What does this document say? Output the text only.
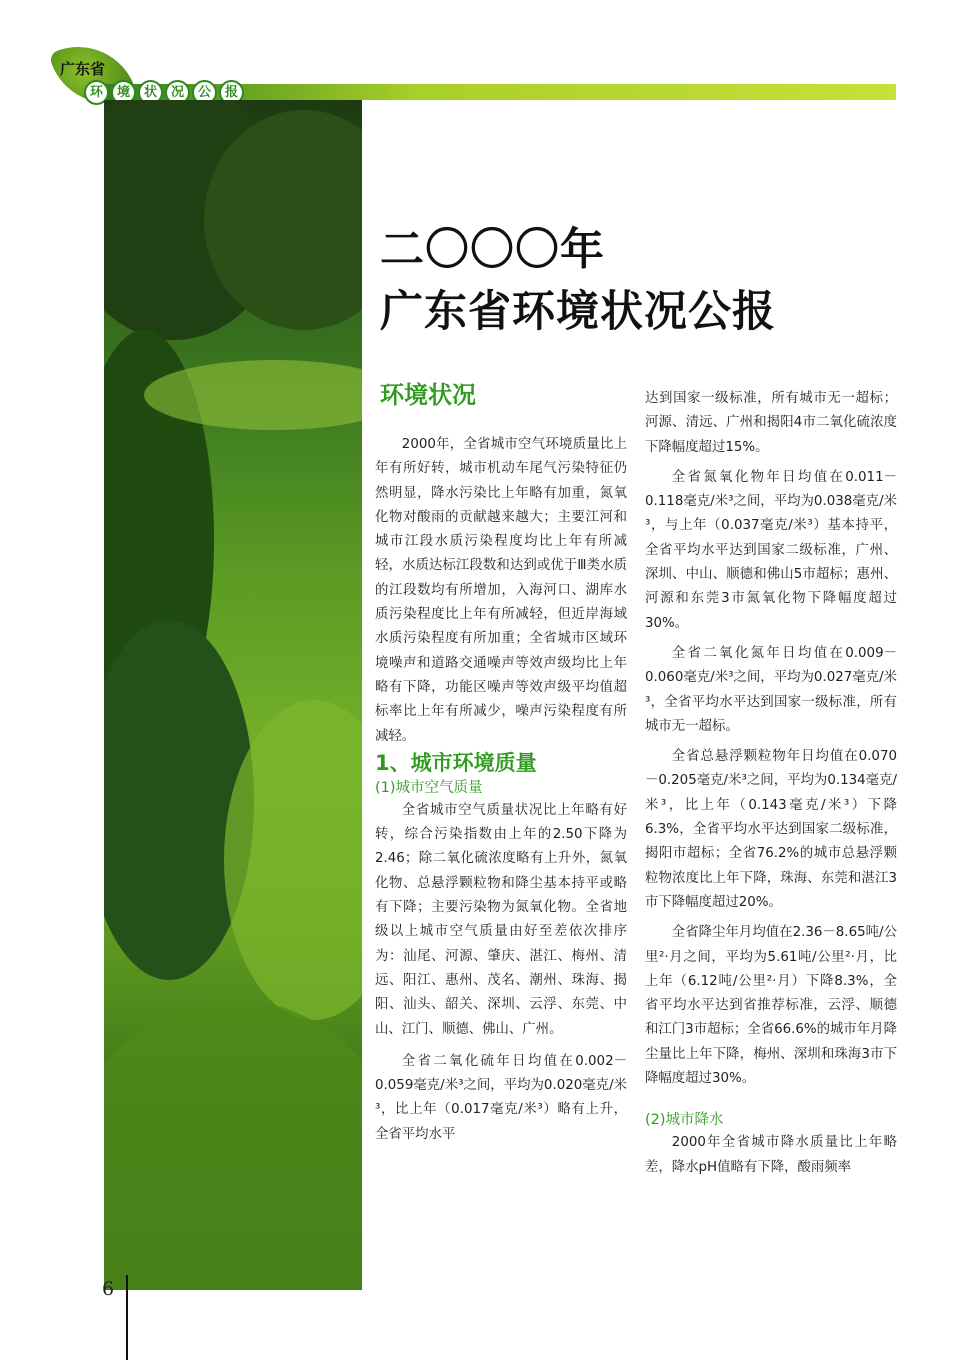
广东省
环	境	状	况	公	报
二〇〇〇年
广东省环境状况公报
环境状况

2000年，全省城市空气环境质量比上年有所好转，城市机动车尾气污染特征仍然明显，降水污染比上年略有加重，氮氧化物对酸雨的贡献越来越大；主要江河和城市江段水质污染程度均比上年有所减轻，水质达标江段数和达到或优于Ⅲ类水质的江段数均有所增加，入海河口、湖库水质污染程度比上年有所减轻，但近岸海域水质污染程度有所加重；全省城市区域环境噪声和道路交通噪声等效声级均比上年略有下降，功能区噪声等效声级平均值超标率比上年有所减少，噪声污染程度有所减轻。

1、城市环境质量

(1)城市空气质量

全省城市空气质量状况比上年略有好转，综合污染指数由上年的2.50下降为2.46；除二氧化硫浓度略有上升外，氮氧化物、总悬浮颗粒物和降尘基本持平或略有下降；主要污染物为氮氧化物。全省地级以上城市空气质量由好至差依次排序为：汕尾、河源、肇庆、湛江、梅州、清远、阳江、惠州、茂名、潮州、珠海、揭阳、汕头、韶关、深圳、云浮、东莞、中山、江门、顺德、佛山、广州。

全省二氧化硫年日均值在0.002－0.059毫克/米³之间，平均为0.020毫克/米³，比上年（0.017毫克/米³）略有上升，全省平均水平

达到国家一级标准，所有城市无一超标；河源、清远、广州和揭阳4市二氧化硫浓度下降幅度超过15%。

全省氮氧化物年日均值在0.011－0.118毫克/米³之间，平均为0.038毫克/米³，与上年（0.037毫克/米³）基本持平，全省平均水平达到国家二级标准，广州、深圳、中山、顺德和佛山5市超标；惠州、河源和东莞3市氮氧化物下降幅度超过30%。

全省二氧化氮年日均值在0.009－0.060毫克/米³之间，平均为0.027毫克/米³，全省平均水平达到国家一级标准，所有城市无一超标。

全省总悬浮颗粒物年日均值在0.070－0.205毫克/米³之间，平均为0.134毫克/米³，比上年（0.143毫克/米³）下降6.3%，全省平均水平达到国家二级标准，揭阳市超标；全省76.2%的城市总悬浮颗粒物浓度比上年下降，珠海、东莞和湛江3市下降幅度超过20%。

全省降尘年月均值在2.36－8.65吨/公里²·月之间，平均为5.61吨/公里²·月，比上年（6.12吨/公里²·月）下降8.3%，全省平均水平达到省推荐标准，云浮、顺德和江门3市超标；全省66.6%的城市年月降尘量比上年下降，梅州、深圳和珠海3市下降幅度超过30%。

(2)城市降水

2000年全省城市降水质量比上年略差，降水pH值略有下降，酸雨频率

6
